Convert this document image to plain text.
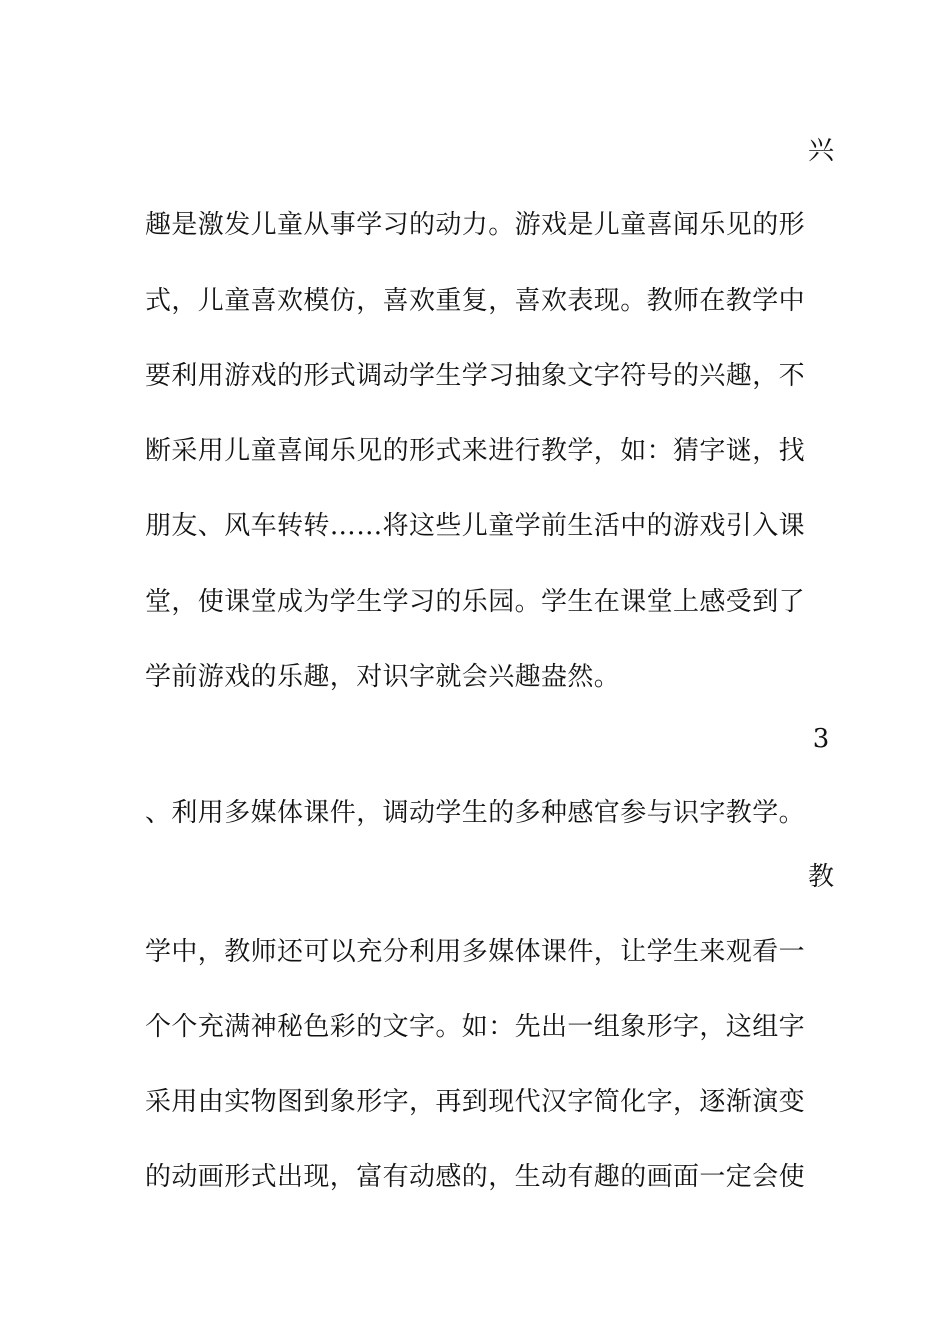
兴
趣是激发儿童从事学习的动力。游戏是儿童喜闻乐见的形
式，儿童喜欢模仿，喜欢重复，喜欢表现。教师在教学中
要利用游戏的形式调动学生学习抽象文字符号的兴趣，不
断采用儿童喜闻乐见的形式来进行教学，如：猜字谜，找
朋友、风车转转……将这些儿童学前生活中的游戏引入课
堂，使课堂成为学生学习的乐园。学生在课堂上感受到了
学前游戏的乐趣，对识字就会兴趣盎然。
3
、利用多媒体课件，调动学生的多种感官参与识字教学。
教
学中，教师还可以充分利用多媒体课件，让学生来观看一
个个充满神秘色彩的文字。如：先出一组象形字，这组字
采用由实物图到象形字，再到现代汉字简化字，逐渐演变
的动画形式出现，富有动感的，生动有趣的画面一定会使
